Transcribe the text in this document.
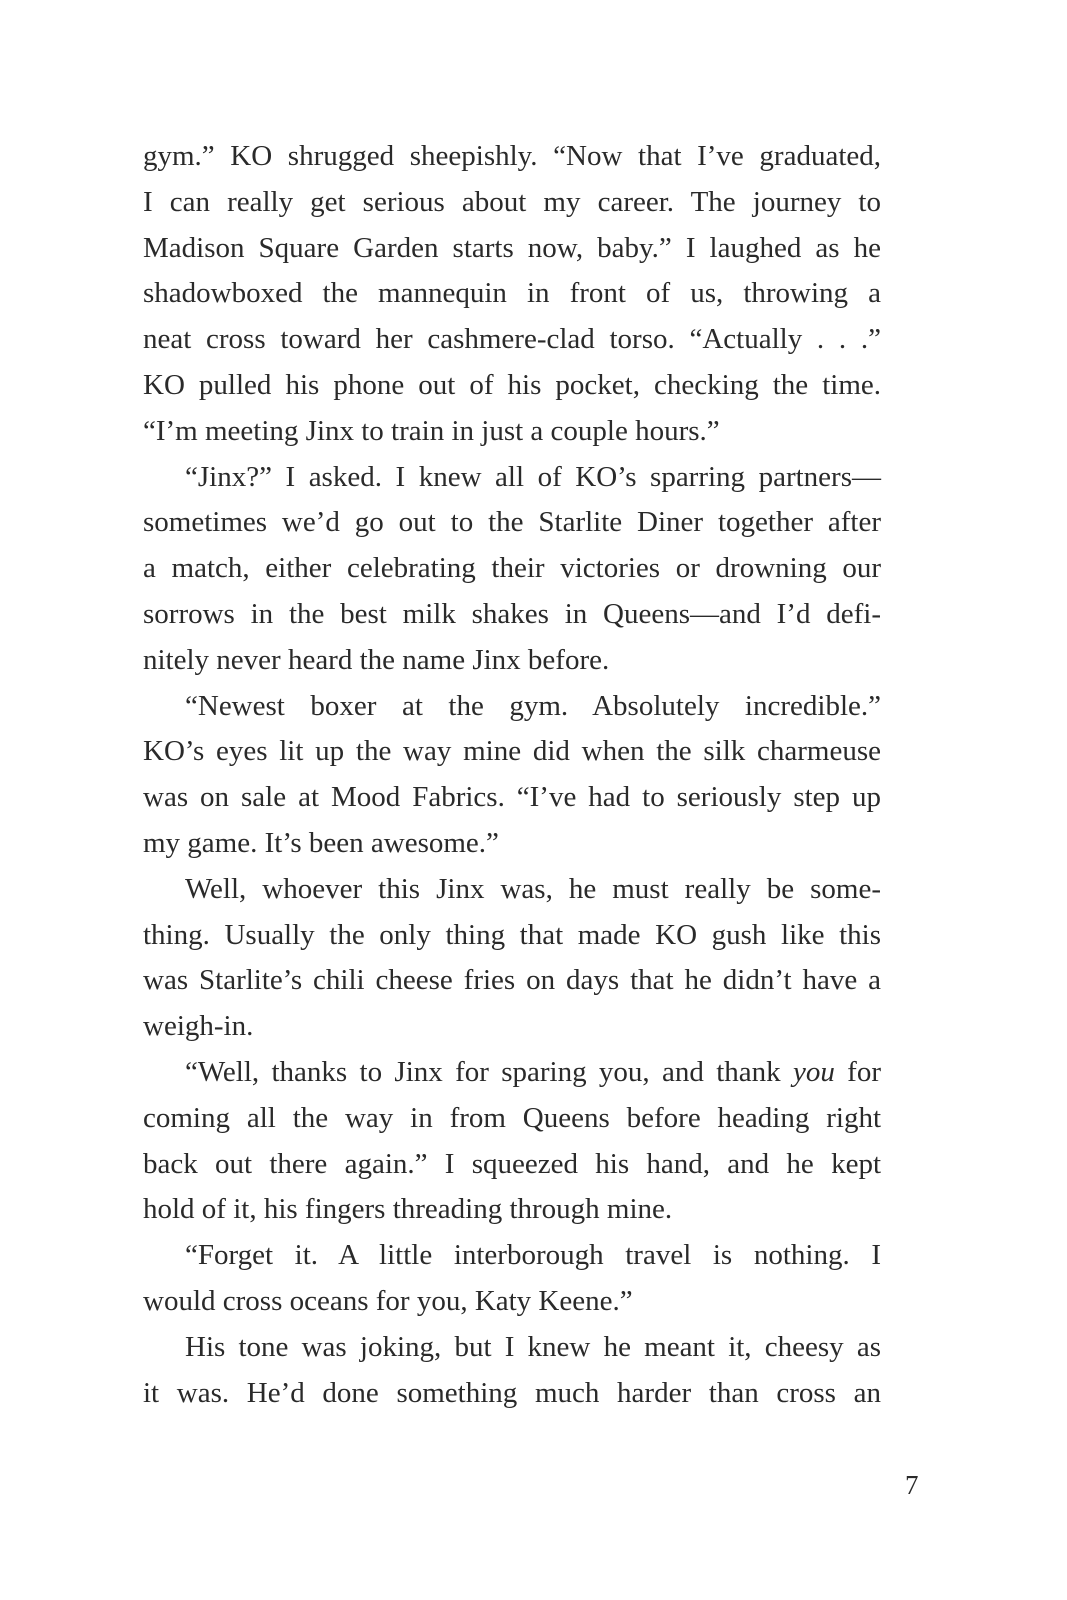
gym.” KO shrugged sheepishly. “Now that I’ve graduated,
I can really get serious about my career. The journey to
Madison Square Garden starts now, baby.” I laughed as he
shadowboxed the mannequin in front of us, throwing a
neat cross toward her cashmere-clad torso. “Actually . . .”
KO pulled his phone out of his pocket, checking the time.
“I’m meeting Jinx to train in just a couple hours.”
“Jinx?” I asked. I knew all of KO’s sparring partners—
sometimes we’d go out to the Starlite Diner together after
a match, either celebrating their victories or drowning our
sorrows in the best milk shakes in Queens—and I’d defi-
nitely never heard the name Jinx before.
“Newest boxer at the gym. Absolutely incredible.”
KO’s eyes lit up the way mine did when the silk charmeuse
was on sale at Mood Fabrics. “I’ve had to seriously step up
my game. It’s been awesome.”
Well, whoever this Jinx was, he must really be some-
thing. Usually the only thing that made KO gush like this
was Starlite’s chili cheese fries on days that he didn’t have a
weigh-in.
“Well, thanks to Jinx for sparing you, and thank you for
coming all the way in from Queens before heading right
back out there again.” I squeezed his hand, and he kept
hold of it, his fingers threading through mine.
“Forget it. A little interborough travel is nothing. I
would cross oceans for you, Katy Keene.”
His tone was joking, but I knew he meant it, cheesy as
it was. He’d done something much harder than cross an
7
